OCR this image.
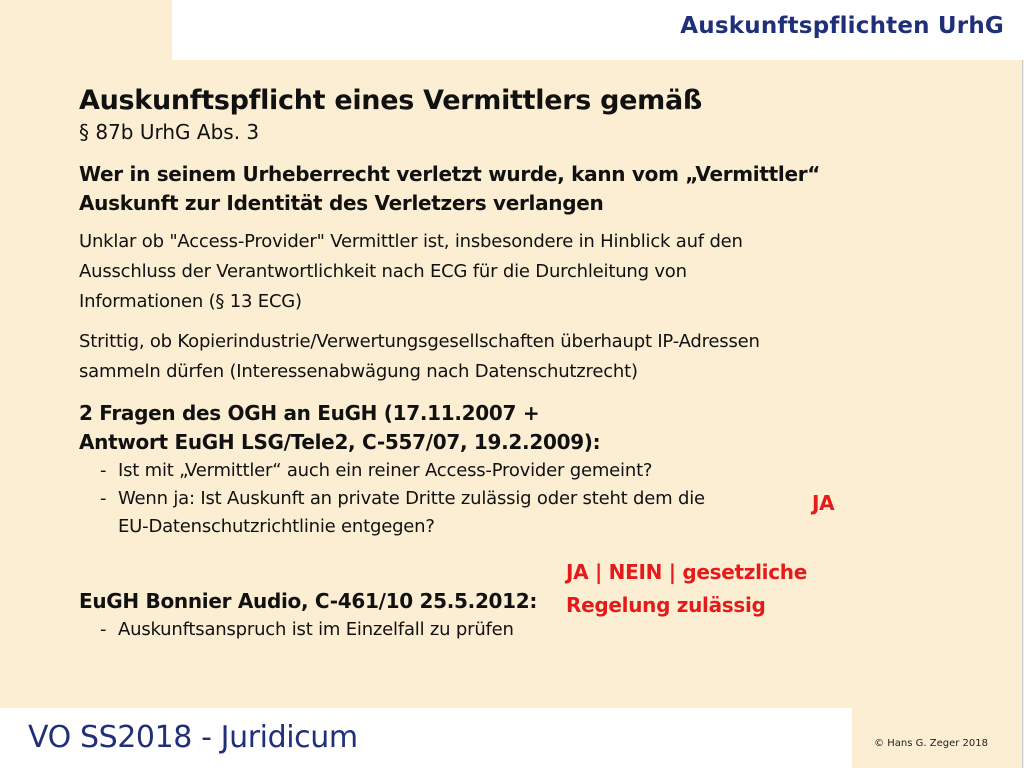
Auskunftspflichten UrhG
Auskunftspflicht eines Vermittlers gemäß
§ 87b UrhG Abs. 3
Wer in seinem Urheberrecht verletzt wurde, kann vom „Vermittler“
Auskunft zur Identität des Verletzers verlangen
Unklar ob "Access-Provider" Vermittler ist, insbesondere in Hinblick auf den
Ausschluss der Verantwortlichkeit nach ECG für die Durchleitung von
Informationen (§ 13 ECG)
Strittig, ob Kopierindustrie/Verwertungsgesellschaften überhaupt IP-Adressen
sammeln dürfen (Interessenabwägung nach Datenschutzrecht)
2 Fragen des OGH an EuGH (17.11.2007 +
Antwort EuGH LSG/Tele2, C-557/07, 19.2.2009):
- Ist mit „Vermittler“ auch ein reiner Access-Provider gemeint?
- Wenn ja: Ist Auskunft an private Dritte zulässig oder steht dem die
EU-Datenschutzrichtlinie entgegen?
EuGH Bonnier Audio, C-461/10 25.5.2012:
- Auskunftsanspruch ist im Einzelfall zu prüfen
JA
JA | NEIN | gesetzliche
Regelung zulässig
VO SS2018 - Juridicum	© Hans G. Zeger 2018
